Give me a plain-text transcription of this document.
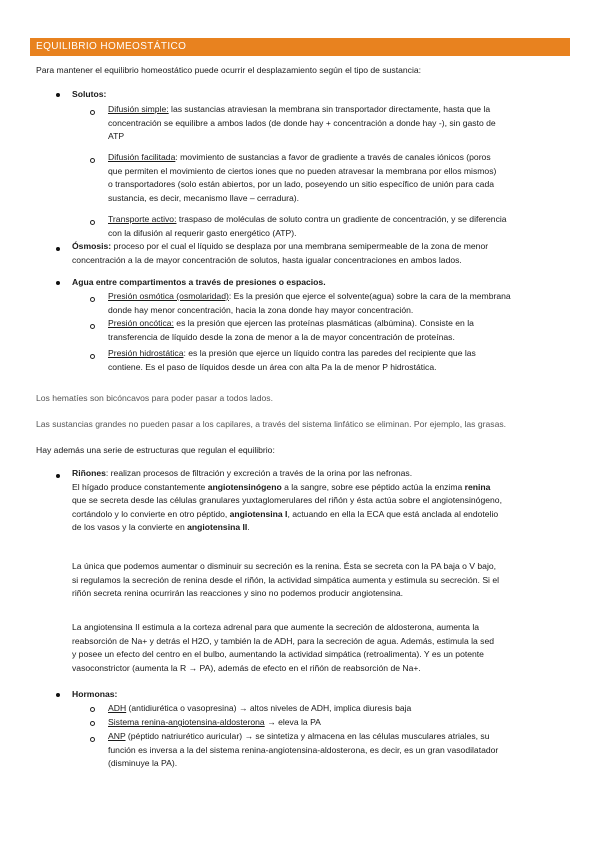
EQUILIBRIO HOMEOSTÁTICO
Para mantener el equilibrio homeostático puede ocurrir el desplazamiento según el tipo de sustancia:
Solutos:
Difusión simple: las sustancias atraviesan la membrana sin transportador directamente, hasta que la
concentración se equilibre a ambos lados (de donde hay + concentración a donde hay -), sin gasto de
ATP
Difusión facilitada: movimiento de sustancias a favor de gradiente a través de canales iónicos (poros
que permiten el movimiento de ciertos iones que no pueden atravesar la membrana por ellos mismos)
o transportadores (solo están abiertos, por un lado, poseyendo un sitio específico de unión para cada
sustancia, es decir, mecanismo llave – cerradura).
Transporte activo: traspaso de moléculas de soluto contra un gradiente de concentración, y se diferencia
con la difusión al requerir gasto energético (ATP).
Ósmosis: proceso por el cual el líquido se desplaza por una membrana semipermeable de la zona de menor
concentración a la de mayor concentración de solutos, hasta igualar concentraciones en ambos lados.
Agua entre compartimentos a través de presiones o espacios.
Presión osmótica (osmolaridad): Es la presión que ejerce el solvente(agua) sobre la cara de la membrana
donde hay menor concentración, hacia la zona donde hay mayor concentración.
Presión oncótica: es la presión que ejercen las proteínas plasmáticas (albúmina). Consiste en la
transferencia de líquido desde la zona de menor a la de mayor concentración de proteínas.
Presión hidrostática: es la presión que ejerce un líquido contra las paredes del recipiente que las
contiene. Es el paso de líquidos desde un área con alta Pa la de menor P hidrostática.
Los hematíes son bicóncavos para poder pasar a todos lados.
Las sustancias grandes no pueden pasar a los capilares, a través del sistema linfático se eliminan. Por ejemplo, las grasas.
Hay además una serie de estructuras que regulan el equilibrio:
Riñones: realizan procesos de filtración y excreción a través de la orina por las nefronas.
El hígado produce constantemente angiotensinógeno a la sangre, sobre ese péptido actúa la enzima renina
que se secreta desde las células granulares yuxtaglomerulares del riñón y ésta actúa sobre el angiotensinógeno,
cortándolo y lo convierte en otro péptido, angiotensina I, actuando en ella la ECA que está anclada al endotelio
de los vasos y la convierte en angiotensina II.
La única que podemos aumentar o disminuir su secreción es la renina. Ésta se secreta con la PA baja o V bajo,
si regulamos la secreción de renina desde el riñón, la actividad simpática aumenta y estimula su secreción. Si el
riñón secreta renina ocurrirán las reacciones y sino no podemos producir angiotensina.
La angiotensina II estimula a la corteza adrenal para que aumente la secreción de aldosterona, aumenta la
reabsorción de Na+ y detrás el H2O, y también la de ADH, para la secreción de agua. Además, estimula la sed
y posee un efecto del centro en el bulbo, aumentando la actividad simpática (retroalimenta). Y es un potente
vasoconstrictor (aumenta la R → PA), además de efecto en el riñón de reabsorción de Na+.
Hormonas:
ADH (antidiurética o vasopresina) → altos niveles de ADH, implica diuresis baja
Sistema renina-angiotensina-aldosterona → eleva la PA
ANP (péptido natriurético auricular) → se sintetiza y almacena en las células musculares atriales, su
función es inversa a la del sistema renina-angiotensina-aldosterona, es decir, es un gran vasodilatador
(disminuye la PA).
